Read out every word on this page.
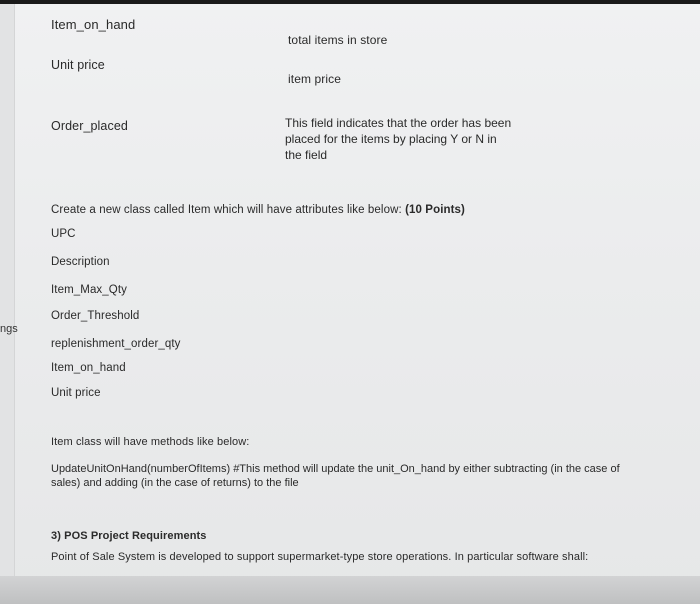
ngs
Item_on_hand
total items in store
Unit price
item price
Order_placed	This field indicates that the order has been placed for the items by placing Y or N in the field
Create a new class called Item which will have attributes like below: (10 Points)
UPC
Description
Item_Max_Qty
Order_Threshold
replenishment_order_qty
Item_on_hand
Unit price
Item class will have methods like below:
UpdateUnitOnHand(numberOfItems) #This method will update the unit_On_hand by either subtracting (in the case of sales) and adding (in the case of returns) to the file
3) POS Project Requirements
Point of Sale System is developed to support supermarket-type store operations. In particular software shall:
